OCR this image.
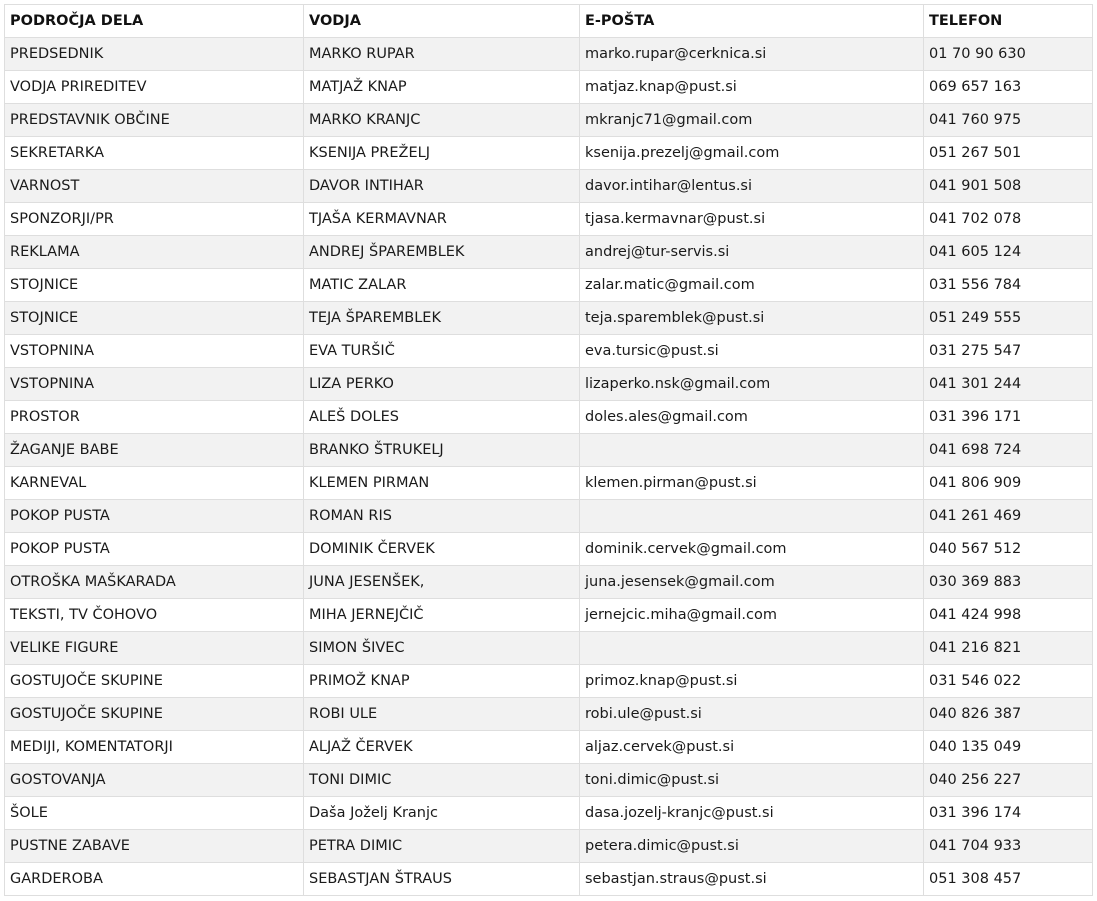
PODROČJA DELA	VODJA	E-POŠTA	TELEFON
PREDSEDNIK	MARKO RUPAR	marko.rupar@cerknica.si	01 70 90 630
VODJA PRIREDITEV	MATJAŽ KNAP	matjaz.knap@pust.si	069 657 163
PREDSTAVNIK OBČINE	MARKO KRANJC	mkranjc71@gmail.com	041 760 975
SEKRETARKA	KSENIJA PREŽELJ	ksenija.prezelj@gmail.com	051 267 501
VARNOST	DAVOR INTIHAR	davor.intihar@lentus.si	041 901 508
SPONZORJI/PR	TJAŠA KERMAVNAR	tjasa.kermavnar@pust.si	041 702 078
REKLAMA	ANDREJ ŠPAREMBLEK	andrej@tur-servis.si	041 605 124
STOJNICE	MATIC ZALAR	zalar.matic@gmail.com	031 556 784
STOJNICE	TEJA ŠPAREMBLEK	teja.sparemblek@pust.si	051 249 555
VSTOPNINA	EVA TURŠIČ	eva.tursic@pust.si	031 275 547
VSTOPNINA	LIZA PERKO	lizaperko.nsk@gmail.com	041 301 244
PROSTOR	ALEŠ DOLES	doles.ales@gmail.com	031 396 171
ŽAGANJE BABE	BRANKO ŠTRUKELJ		041 698 724
KARNEVAL	KLEMEN PIRMAN	klemen.pirman@pust.si	041 806 909
POKOP PUSTA	ROMAN RIS		041 261 469
POKOP PUSTA	DOMINIK ČERVEK	dominik.cervek@gmail.com	040 567 512
OTROŠKA MAŠKARADA	JUNA JESENŠEK,	juna.jesensek@gmail.com	030 369 883
TEKSTI, TV ČOHOVO	MIHA JERNEJČIČ	jernejcic.miha@gmail.com	041 424 998
VELIKE FIGURE	SIMON ŠIVEC		041 216 821
GOSTUJOČE SKUPINE	PRIMOŽ KNAP	primoz.knap@pust.si	031 546 022
GOSTUJOČE SKUPINE	ROBI ULE	robi.ule@pust.si	040 826 387
MEDIJI, KOMENTATORJI	ALJAŽ ČERVEK	aljaz.cervek@pust.si	040 135 049
GOSTOVANJA	TONI DIMIC	toni.dimic@pust.si	040 256 227
ŠOLE	Daša Joželj Kranjc	dasa.jozelj-kranjc@pust.si	031 396 174
PUSTNE ZABAVE	PETRA DIMIC	petera.dimic@pust.si	041 704 933
GARDEROBA	SEBASTJAN ŠTRAUS	sebastjan.straus@pust.si	051 308 457
